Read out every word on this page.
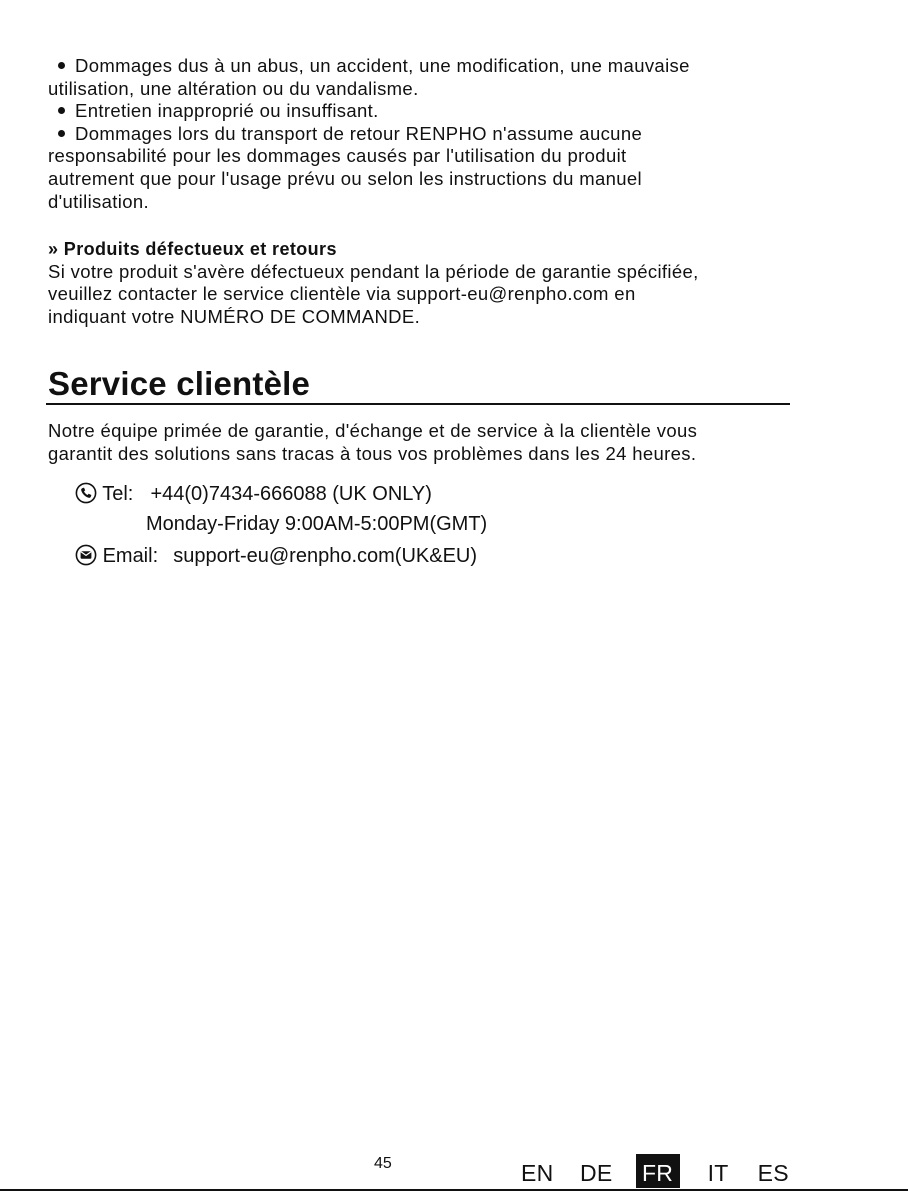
Dommages dus à un abus, un accident, une modification, une mauvaise
utilisation, une altération ou du vandalisme.
Entretien inapproprié ou insuffisant.
Dommages lors du transport de retour RENPHO n'assume aucune
responsabilité pour les dommages causés par l'utilisation du produit
autrement que pour l'usage prévu ou selon les instructions du manuel
d'utilisation.
» Produits défectueux et retours
Si votre produit s'avère défectueux pendant la période de garantie spécifiée,
veuillez contacter le service clientèle via support-eu@renpho.com en
indiquant votre NUMÉRO DE COMMANDE.
Service clientèle
Notre équipe primée de garantie, d'échange et de service à la clientèle vous
garantit des solutions sans tracas à tous vos problèmes dans les 24 heures.
Tel: +44(0)7434-666088 (UK ONLY)
Monday-Friday 9:00AM-5:00PM(GMT)
Email: support-eu@renpho.com(UK&EU)
45	EN DE FR IT ES
